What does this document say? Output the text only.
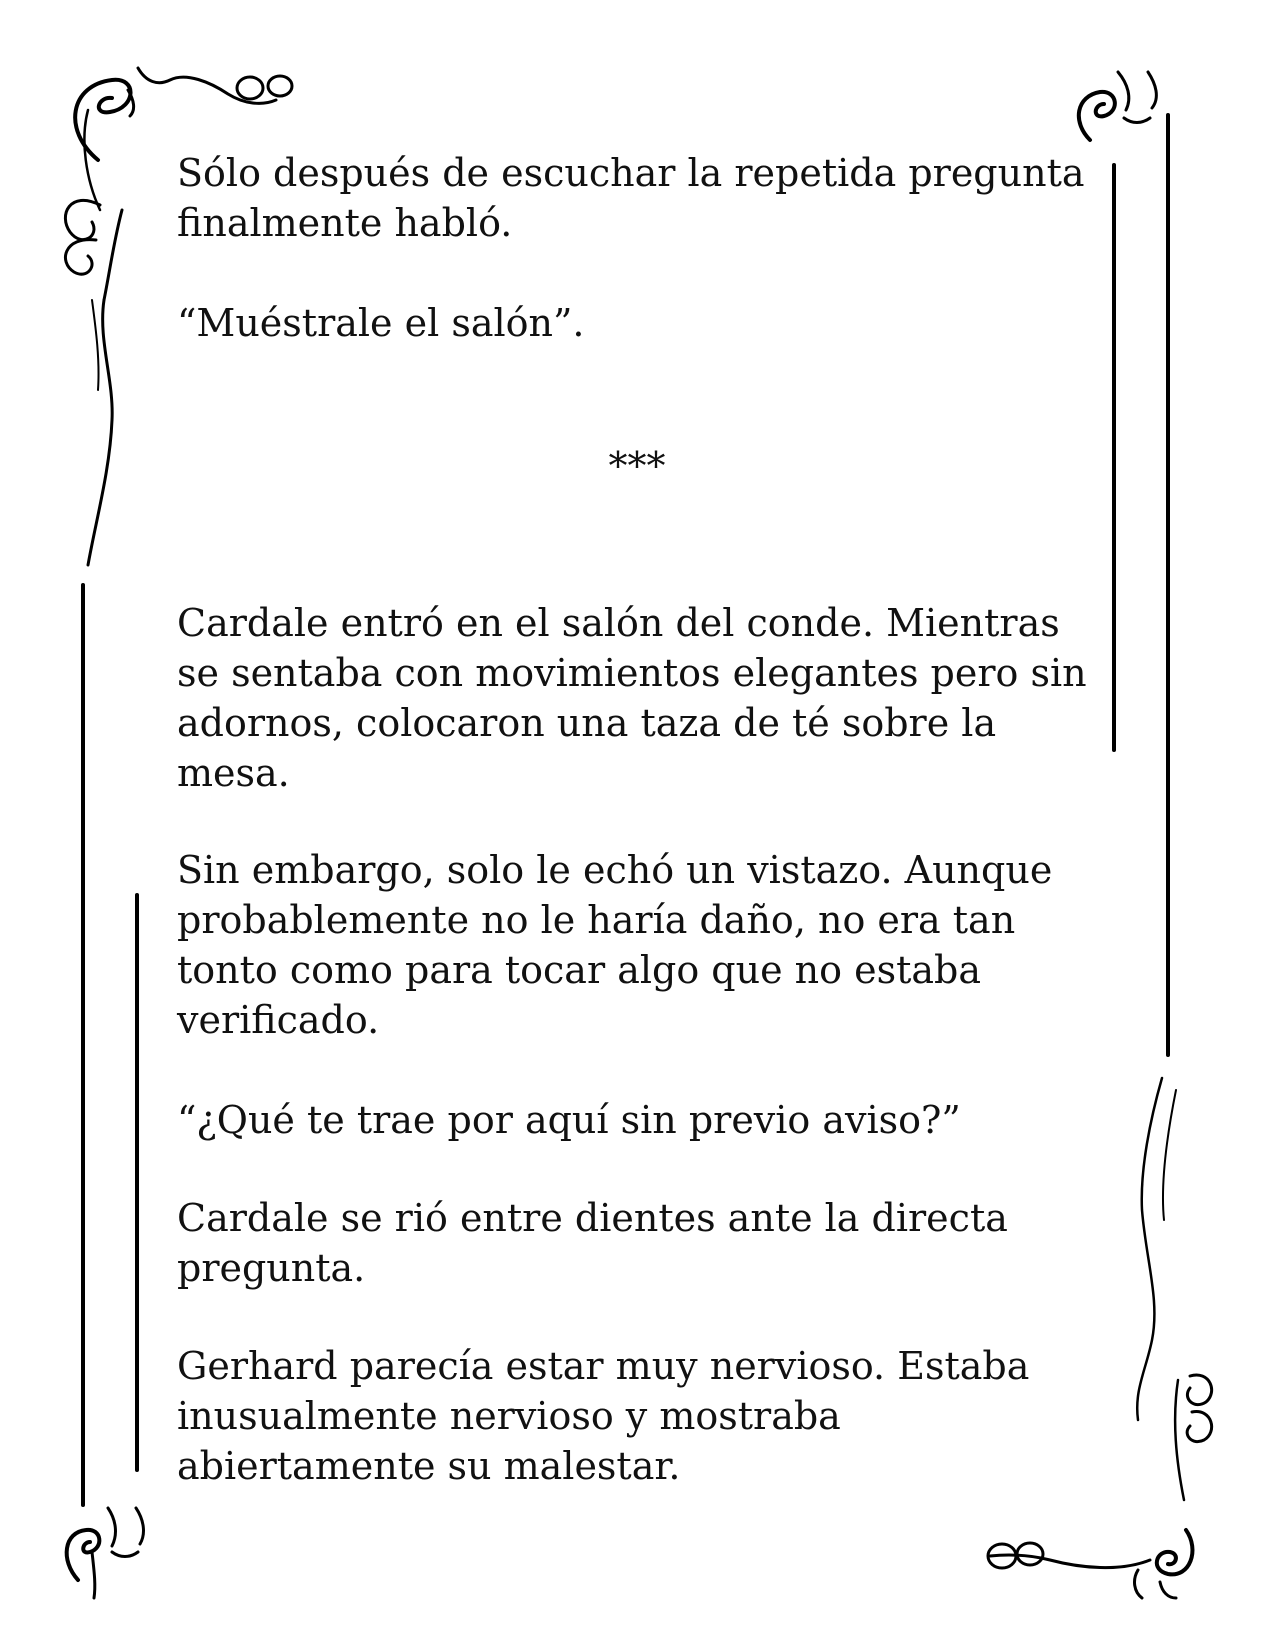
Sólo después de escuchar la repetida pregunta
finalmente habló.

“Muéstrale el salón”.

***

Cardale entró en el salón del conde. Mientras
se sentaba con movimientos elegantes pero sin
adornos, colocaron una taza de té sobre la
mesa.

Sin embargo, solo le echó un vistazo. Aunque
probablemente no le haría daño, no era tan
tonto como para tocar algo que no estaba
verificado.

“¿Qué te trae por aquí sin previo aviso?”

Cardale se rió entre dientes ante la directa
pregunta.

Gerhard parecía estar muy nervioso. Estaba
inusualmente nervioso y mostraba
abiertamente su malestar.
